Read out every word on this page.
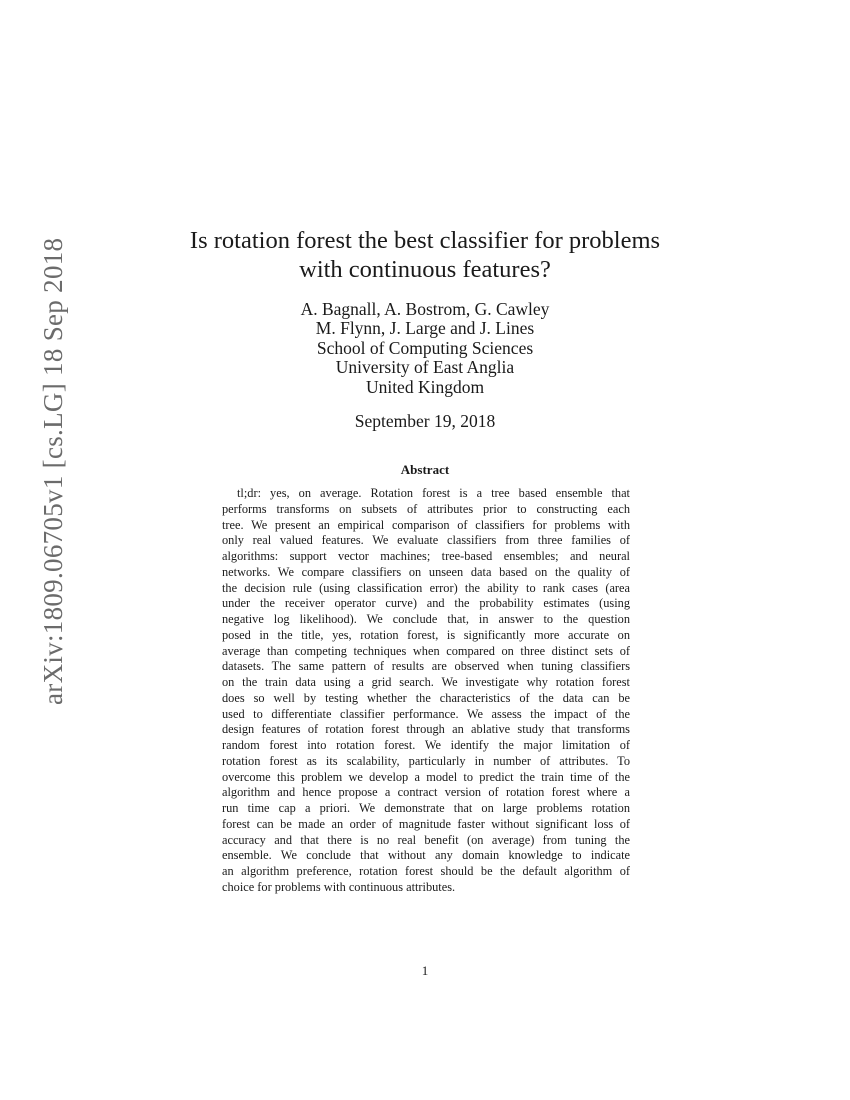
arXiv:1809.06705v1 [cs.LG] 18 Sep 2018	Is rotation forest the best classifier for problems
with continuous features?
A. Bagnall, A. Bostrom, G. Cawley
M. Flynn, J. Large and J. Lines
School of Computing Sciences
University of East Anglia
United Kingdom
September 19, 2018
Abstract
tl;dr: yes, on average. Rotation forest is a tree based ensemble that
performs transforms on subsets of attributes prior to constructing each
tree. We present an empirical comparison of classifiers for problems with
only real valued features. We evaluate classifiers from three families of
algorithms: support vector machines; tree-based ensembles; and neural
networks. We compare classifiers on unseen data based on the quality of
the decision rule (using classification error) the ability to rank cases (area
under the receiver operator curve) and the probability estimates (using
negative log likelihood). We conclude that, in answer to the question
posed in the title, yes, rotation forest, is significantly more accurate on
average than competing techniques when compared on three distinct sets of
datasets. The same pattern of results are observed when tuning classifiers
on the train data using a grid search. We investigate why rotation forest
does so well by testing whether the characteristics of the data can be
used to differentiate classifier performance. We assess the impact of the
design features of rotation forest through an ablative study that transforms
random forest into rotation forest. We identify the major limitation of
rotation forest as its scalability, particularly in number of attributes. To
overcome this problem we develop a model to predict the train time of the
algorithm and hence propose a contract version of rotation forest where a
run time cap a priori. We demonstrate that on large problems rotation
forest can be made an order of magnitude faster without significant loss of
accuracy and that there is no real benefit (on average) from tuning the
ensemble. We conclude that without any domain knowledge to indicate
an algorithm preference, rotation forest should be the default algorithm of
choice for problems with continuous attributes.
1
